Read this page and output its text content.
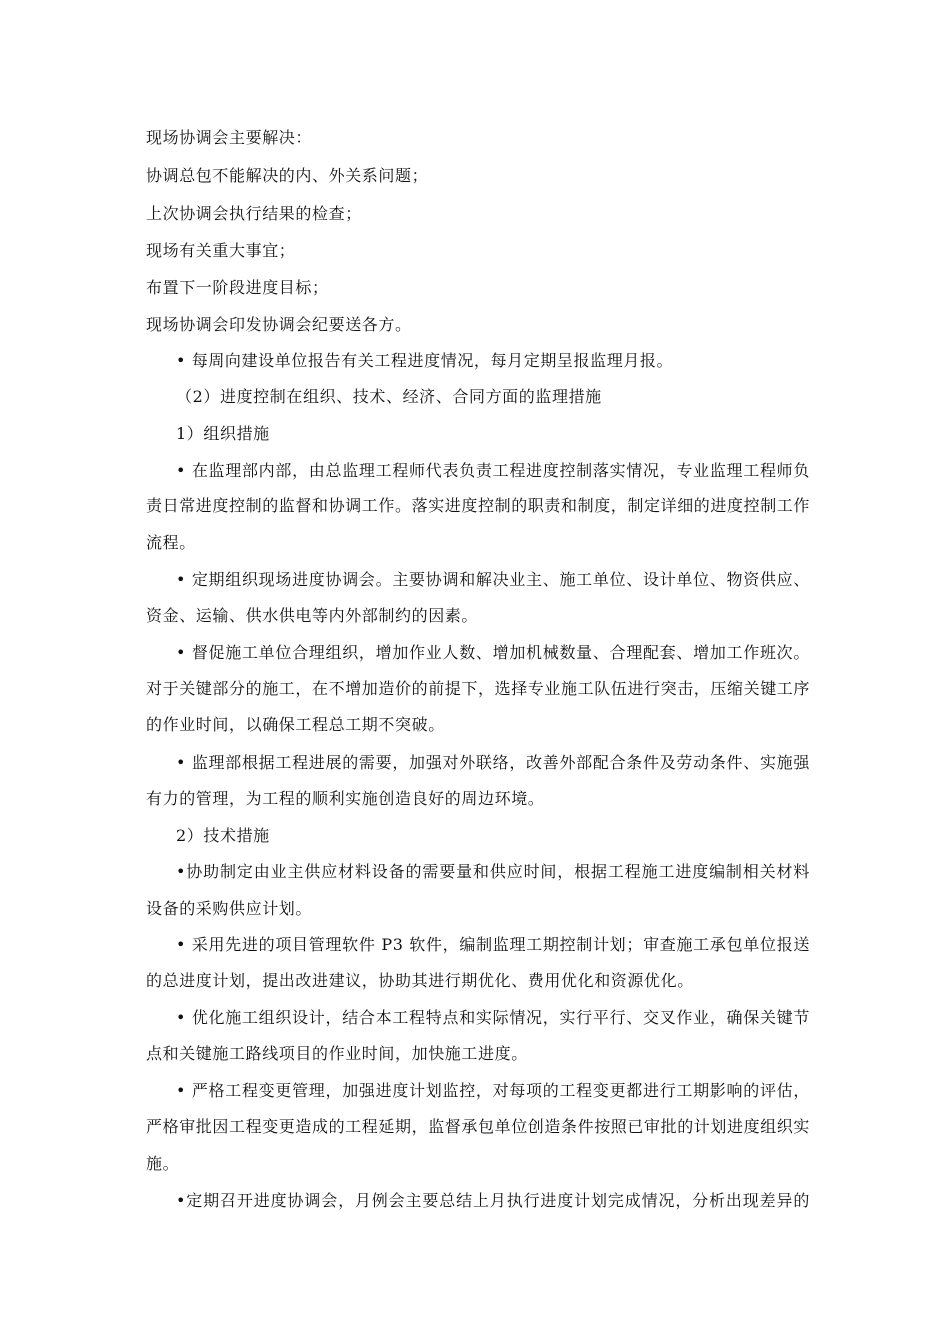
现场协调会主要解决：
协调总包不能解决的内、外关系问题；
上次协调会执行结果的检查；
现场有关重大事宜；
布置下一阶段进度目标；
现场协调会印发协调会纪要送各方。
• 每周向建设单位报告有关工程进度情况，每月定期呈报监理月报。
（2）进度控制在组织、技术、经济、合同方面的监理措施
1）组织措施
• 在监理部内部，由总监理工程师代表负责工程进度控制落实情况，专业监理工程师负
责日常进度控制的监督和协调工作。落实进度控制的职责和制度，制定详细的进度控制工作
流程。
• 定期组织现场进度协调会。主要协调和解决业主、施工单位、设计单位、物资供应、
资金、运输、供水供电等内外部制约的因素。
• 督促施工单位合理组织，增加作业人数、增加机械数量、合理配套、增加工作班次。
对于关键部分的施工，在不增加造价的前提下，选择专业施工队伍进行突击，压缩关键工序
的作业时间，以确保工程总工期不突破。
• 监理部根据工程进展的需要，加强对外联络，改善外部配合条件及劳动条件、实施强
有力的管理，为工程的顺利实施创造良好的周边环境。
2）技术措施
•协助制定由业主供应材料设备的需要量和供应时间，根据工程施工进度编制相关材料
设备的采购供应计划。
• 采用先进的项目管理软件 P3 软件，编制监理工期控制计划；审查施工承包单位报送
的总进度计划，提出改进建议，协助其进行期优化、费用优化和资源优化。
• 优化施工组织设计，结合本工程特点和实际情况，实行平行、交叉作业，确保关键节
点和关键施工路线项目的作业时间，加快施工进度。
• 严格工程变更管理，加强进度计划监控，对每项的工程变更都进行工期影响的评估，
严格审批因工程变更造成的工程延期，监督承包单位创造条件按照已审批的计划进度组织实
施。
•定期召开进度协调会，月例会主要总结上月执行进度计划完成情况，分析出现差异的
